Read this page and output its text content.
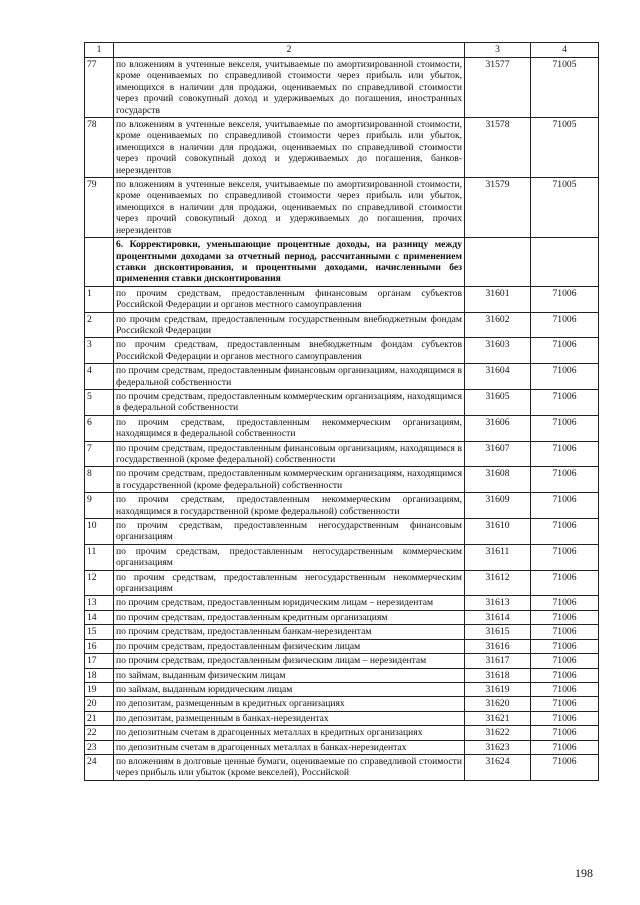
1	2	3	4
77	по вложениям в учтенные векселя, учитываемые по амортизированной стоимости, кроме оцениваемых по справедливой стоимости через прибыль или убыток, имеющихся в наличии для продажи, оцениваемых по справедливой стоимости через прочий совокупный доход и удерживаемых до погашения, иностранных государств	31577	71005
78	по вложениям в учтенные векселя, учитываемые по амортизированной стоимости, кроме оцениваемых по справедливой стоимости через прибыль или убыток, имеющихся в наличии для продажи, оцениваемых по справедливой стоимости через прочий совокупный доход и удерживаемых до погашения, банков-нерезидентов	31578	71005
79	по вложениям в учтенные векселя, учитываемые по амортизированной стоимости, кроме оцениваемых по справедливой стоимости через прибыль или убыток, имеющихся в наличии для продажи, оцениваемых по справедливой стоимости через прочий совокупный доход и удерживаемых до погашения, прочих нерезидентов	31579	71005
	6. Корректировки, уменьшающие процентные доходы, на разницу между процентными доходами за отчетный период, рассчитанными с применением ставки дисконтирования, и процентными доходами, начисленными без применения ставки дисконтирования		
1	по прочим средствам, предоставленным финансовым органам субъектов Российской Федерации и органов местного самоуправления	31601	71006
2	по прочим средствам, предоставленным государственным внебюджетным фондам Российской Федерации	31602	71006
3	по прочим средствам, предоставленным внебюджетным фондам субъектов Российской Федерации и органов местного самоуправления	31603	71006
4	по прочим средствам, предоставленным финансовым организациям, находящимся в федеральной собственности	31604	71006
5	по прочим средствам, предоставленным коммерческим организациям, находящимся в федеральной собственности	31605	71006
6	по прочим средствам, предоставленным некоммерческим организациям, находящимся в федеральной собственности	31606	71006
7	по прочим средствам, предоставленным финансовым организациям, находящимся в государственной (кроме федеральной) собственности	31607	71006
8	по прочим средствам, предоставленным коммерческим организациям, находящимся в государственной (кроме федеральной) собственности	31608	71006
9	по прочим средствам, предоставленным некоммерческим организациям, находящимся в государственной (кроме федеральной) собственности	31609	71006
10	по прочим средствам, предоставленным негосударственным финансовым организациям	31610	71006
11	по прочим средствам, предоставленным негосударственным коммерческим организациям	31611	71006
12	по прочим средствам, предоставленным негосударственным некоммерческим организациям	31612	71006
13	по прочим средствам, предоставленным юридическим лицам – нерезидентам	31613	71006
14	по прочим средствам, предоставленным кредитным организациям	31614	71006
15	по прочим средствам, предоставленным банкам-нерезидентам	31615	71006
16	по прочим средствам, предоставленным физическим лицам	31616	71006
17	по прочим средствам, предоставленным физическим лицам – нерезидентам	31617	71006
18	по займам, выданным физическим лицам	31618	71006
19	по займам, выданным юридическим лицам	31619	71006
20	по депозитам, размещенным в кредитных организациях	31620	71006
21	по депозитам, размещенным в банках-нерезидентах	31621	71006
22	по депозитным счетам в драгоценных металлах в кредитных организациях	31622	71006
23	по депозитным счетам в драгоценных металлах в банках-нерезидентах	31623	71006
24	по вложениям в долговые ценные бумаги, оцениваемые по справедливой стоимости через прибыль или убыток (кроме векселей), Российской	31624	71006
198
